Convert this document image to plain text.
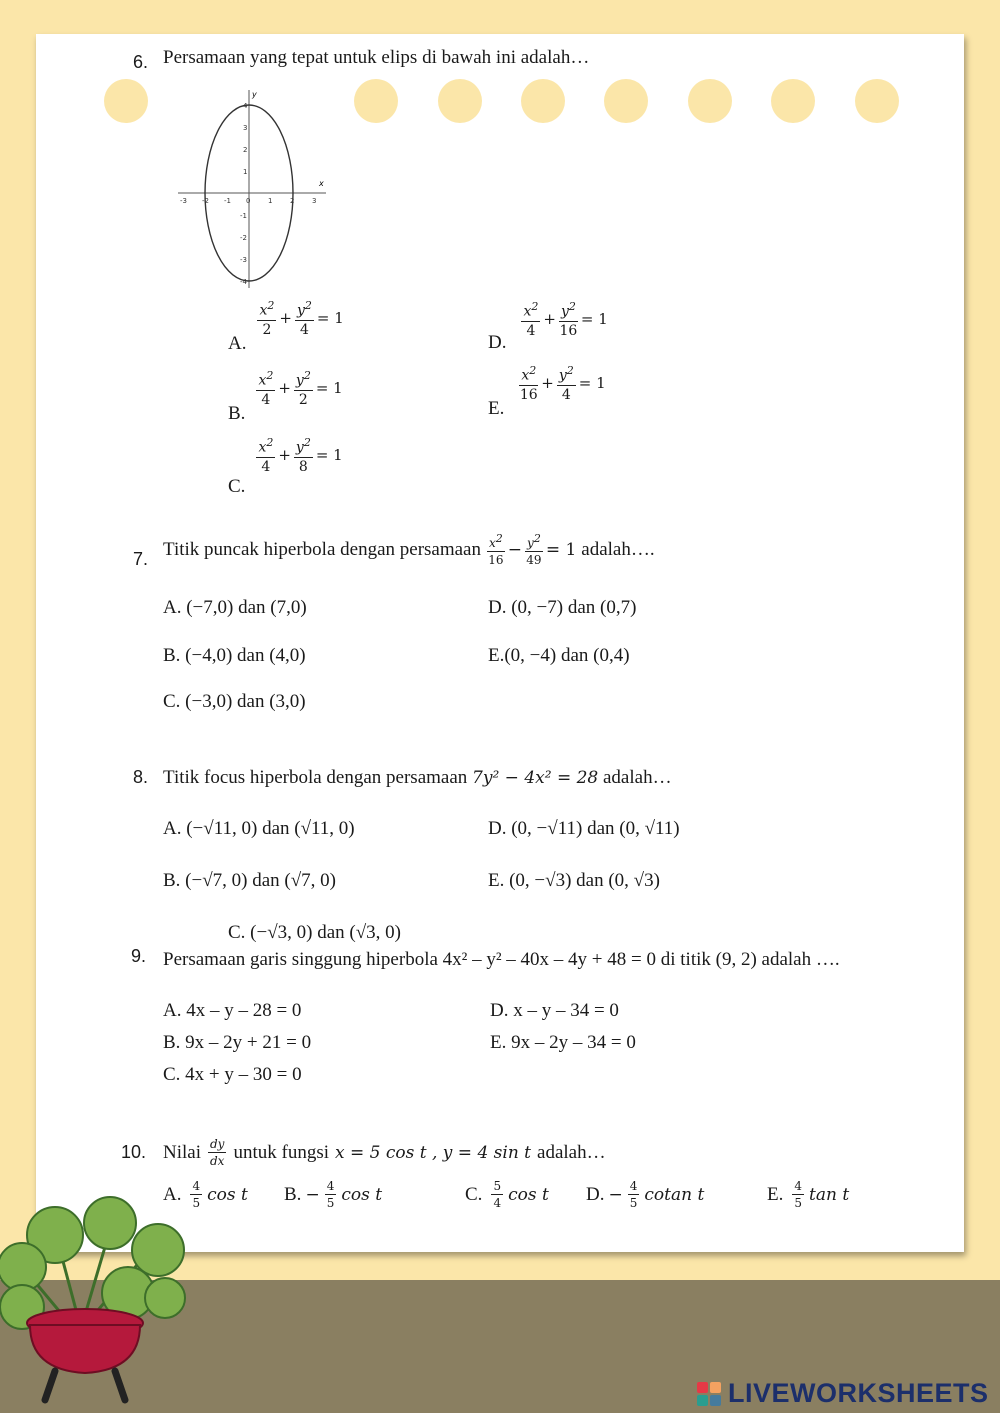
6. Persamaan yang tepat untuk elips di bawah ini adalah…
-3 -2 -1 0	1	2	3
4
3
2
1
-1
-2
-3
-4
x
y
A.
$\frac{x^2}{2} + \frac{y^2}{4} = 1$
B.
$\frac{x^2}{4} + \frac{y^2}{2} = 1$
C.
$\frac{x^2}{4} + \frac{y^2}{8} = 1$
D.
$\frac{x^2}{4} + \frac{y^2}{16} = 1$
E.
$\frac{x^2}{16} + \frac{y^2}{4} = 1$
7. Titik puncak hiperbola dengan persamaan $\frac{x^2}{16} - \frac{y^2}{49} = 1$ adalah….
A. (−7,0) dan (7,0)
B. (−4,0) dan (4,0)
C. (−3,0) dan (3,0)
D. (0, −7) dan (0,7)
E.(0, −4) dan (0,4)
8. Titik focus hiperbola dengan persamaan 7y² − 4x² = 28 adalah…
A. (−√11, 0) dan (√11, 0)
B. (−√7, 0) dan (√7, 0)
C. (−√3, 0) dan (√3, 0)
D. (0, −√11) dan (0, √11)
E. (0, −√3) dan (0, √3)
9. Persamaan garis singgung hiperbola 4x² – y² – 40x – 4y + 48 = 0 di titik (9, 2) adalah ….
A. 4x – y – 28 = 0
B. 9x – 2y + 21 = 0
C. 4x + y – 30 = 0
D. x – y – 34 = 0
E. 9x – 2y – 34 = 0
10. Nilai $\frac{dy}{dx}$ untuk fungsi x = 5 cos t , y = 4 sin t adalah…
A. $\frac{4}{5}$ cos t B. − $\frac{4}{5}$ cos t	C. $\frac{5}{4}$ cos t D. − $\frac{4}{5}$ cotan t	E. $\frac{4}{5}$ tan t
LIVEWORKSHEETS
